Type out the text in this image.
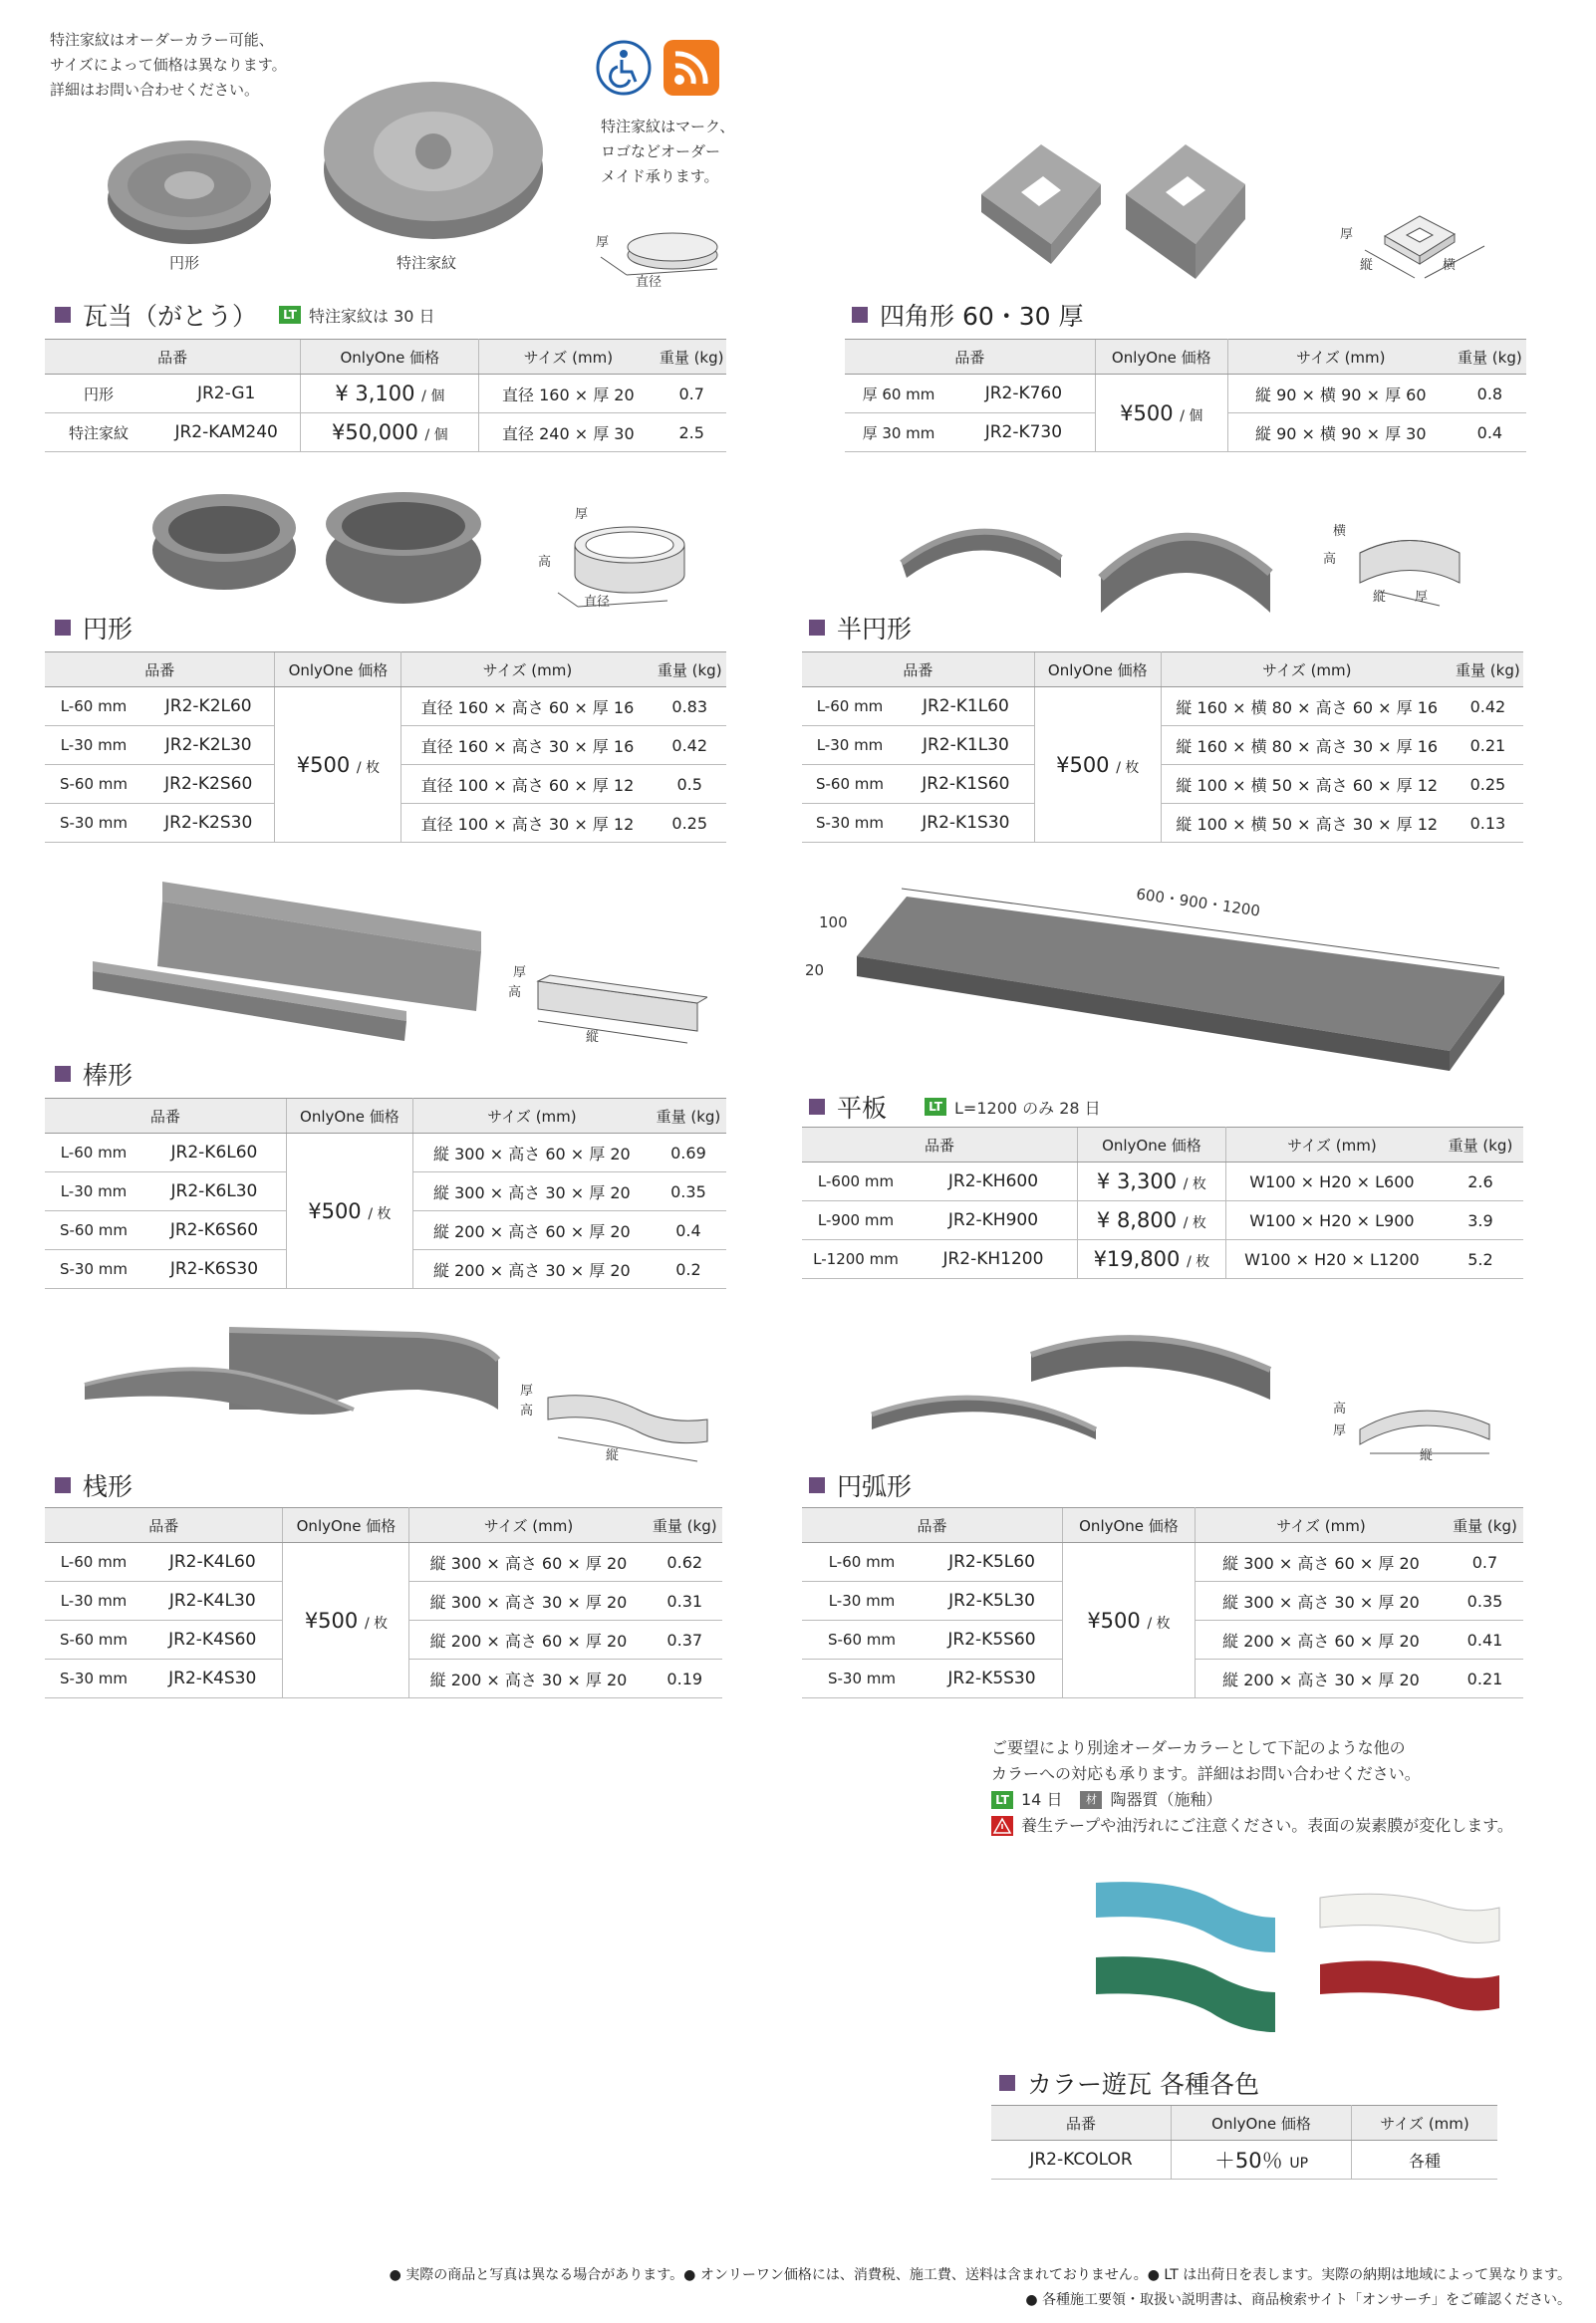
特注家紋はオーダーカラー可能、
サイズによって価格は異なります。
詳細はお問い合わせください。
円形	特注家紋
特注家紋はマーク、
ロゴなどオーダー
メイド承ります。
厚
直径
瓦当（がとう）	LT 特注家紋は 30 日
品番		OnlyOne 価格	サイズ (mm)	重量 (kg)
円形	JR2-G1	¥ 3,100 / 個	直径 160 × 厚 20	0.7
特注家紋	JR2-KAM240	¥50,000 / 個	直径 240 × 厚 30	2.5
厚
縦	横
四角形 60・30 厚
品番		OnlyOne 価格	サイズ (mm)	重量 (kg)
厚 60 mm	JR2-K760	¥500 / 個	縦 90 × 横 90 × 厚 60	0.8
厚 30 mm	JR2-K730		縦 90 × 横 90 × 厚 30	0.4
厚
高
直径
円形
品番		OnlyOne 価格	サイズ (mm)	重量 (kg)
L-60 mm	JR2-K2L60	¥500 / 枚	直径 160 × 高さ 60 × 厚 16	0.83
L-30 mm	JR2-K2L30		直径 160 × 高さ 30 × 厚 16	0.42
S-60 mm	JR2-K2S60		直径 100 × 高さ 60 × 厚 12	0.5
S-30 mm	JR2-K2S30		直径 100 × 高さ 30 × 厚 12	0.25
横
高
縦 厚
半円形
品番		OnlyOne 価格	サイズ (mm)	重量 (kg)
L-60 mm	JR2-K1L60	¥500 / 枚	縦 160 × 横 80 × 高さ 60 × 厚 16	0.42
L-30 mm	JR2-K1L30		縦 160 × 横 80 × 高さ 30 × 厚 16	0.21
S-60 mm	JR2-K1S60		縦 100 × 横 50 × 高さ 60 × 厚 12	0.25
S-30 mm	JR2-K1S30		縦 100 × 横 50 × 高さ 30 × 厚 12	0.13
厚
高
縦
棒形
品番		OnlyOne 価格	サイズ (mm)	重量 (kg)
L-60 mm	JR2-K6L60	¥500 / 枚	縦 300 × 高さ 60 × 厚 20	0.69
L-30 mm	JR2-K6L30		縦 300 × 高さ 30 × 厚 20	0.35
S-60 mm	JR2-K6S60		縦 200 × 高さ 60 × 厚 20	0.4
S-30 mm	JR2-K6S30		縦 200 × 高さ 30 × 厚 20	0.2
600・900・1200
100
20
平板	LT L=1200 のみ 28 日
品番		OnlyOne 価格	サイズ (mm)	重量 (kg)
L-600 mm	JR2-KH600	¥ 3,300 / 枚	W100 × H20 × L600	2.6
L-900 mm	JR2-KH900	¥ 8,800 / 枚	W100 × H20 × L900	3.9
L-1200 mm	JR2-KH1200	¥19,800 / 枚	W100 × H20 × L1200	5.2
厚
高
縦
桟形
品番		OnlyOne 価格	サイズ (mm)	重量 (kg)
L-60 mm	JR2-K4L60	¥500 / 枚	縦 300 × 高さ 60 × 厚 20	0.62
L-30 mm	JR2-K4L30		縦 300 × 高さ 30 × 厚 20	0.31
S-60 mm	JR2-K4S60		縦 200 × 高さ 60 × 厚 20	0.37
S-30 mm	JR2-K4S30		縦 200 × 高さ 30 × 厚 20	0.19
高
厚
縦
円弧形
品番		OnlyOne 価格	サイズ (mm)	重量 (kg)
L-60 mm	JR2-K5L60	¥500 / 枚	縦 300 × 高さ 60 × 厚 20	0.7
L-30 mm	JR2-K5L30		縦 300 × 高さ 30 × 厚 20	0.35
S-60 mm	JR2-K5S60		縦 200 × 高さ 60 × 厚 20	0.41
S-30 mm	JR2-K5S30		縦 200 × 高さ 30 × 厚 20	0.21
ご要望により別途オーダーカラーとして下記のような他の
カラーへの対応も承ります。詳細はお問い合わせください。
LT 14 日	材 陶器質（施釉）
養生テープや油汚れにご注意ください。表面の炭素膜が変化します。
カラー遊瓦 各種各色
品番	OnlyOne 価格	サイズ (mm)
JR2-KCOLOR	＋50％ UP	各種
● 実際の商品と写真は異なる場合があります。● オンリーワン価格には、消費税、施工費、送料は含まれておりません。● LT は出荷日を表します。実際の納期は地域によって異なります。
● 各種施工要領・取扱い説明書は、商品検索サイト「オンサーチ」をご確認ください。
